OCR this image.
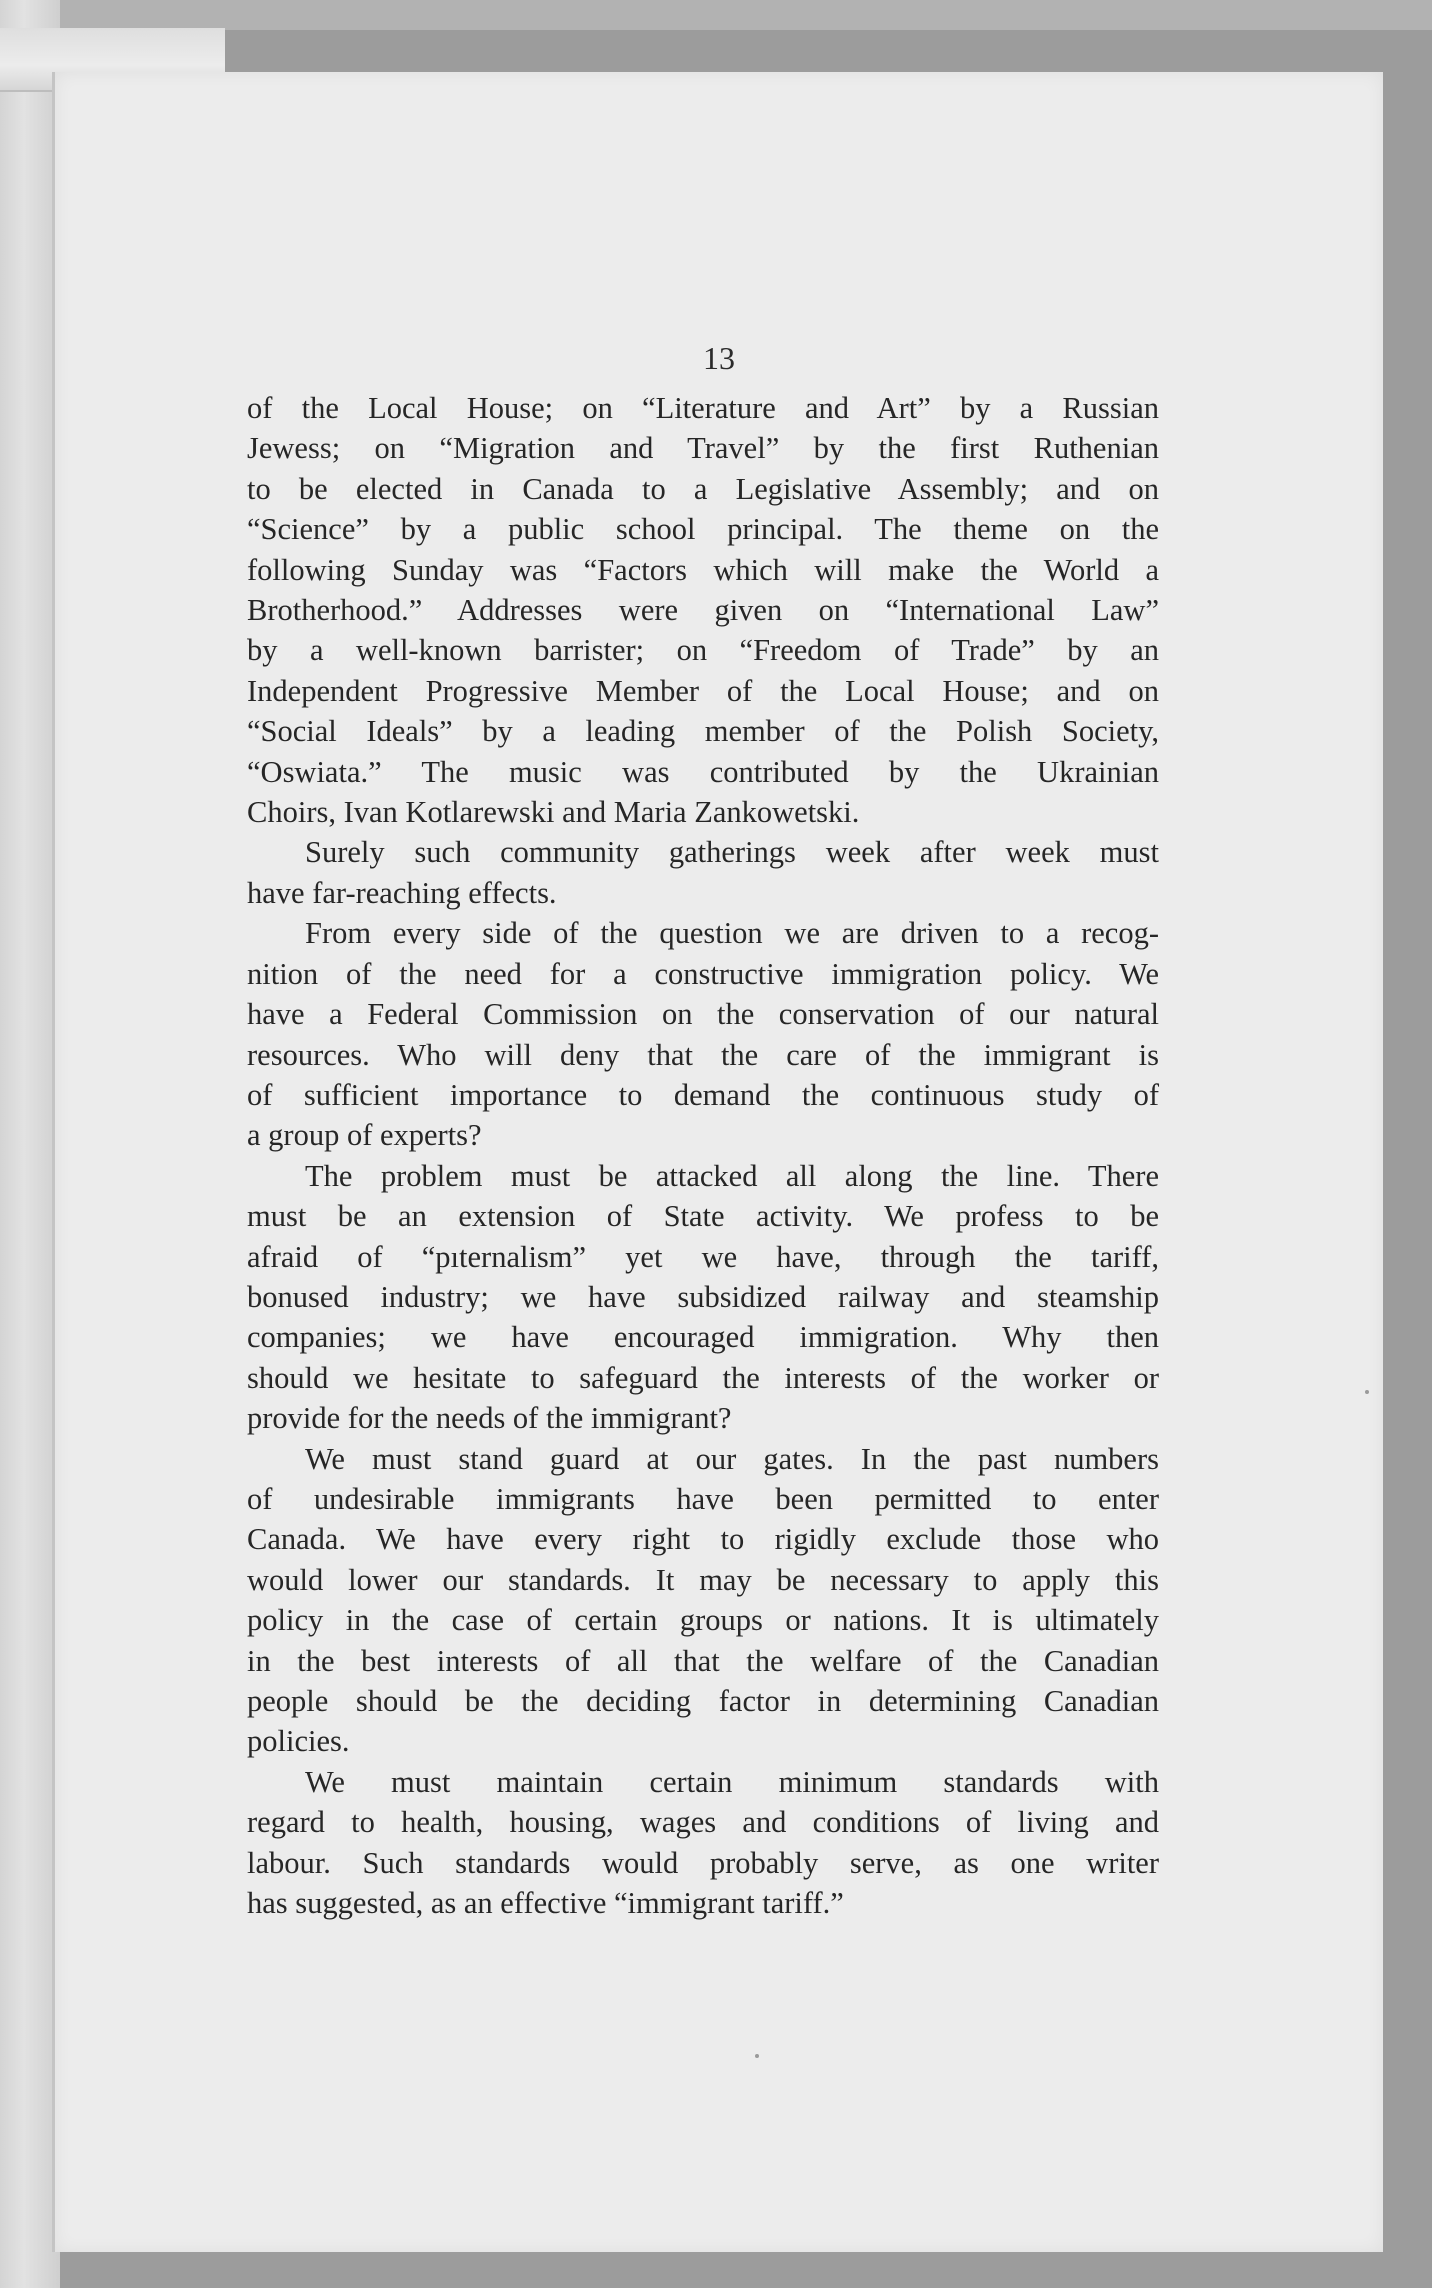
13
of the Local House; on “Literature and Art” by a Russian
Jewess; on “Migration and Travel” by the first Ruthenian
to be elected in Canada to a Legislative Assembly; and on
“Science” by a public school principal. The theme on the
following Sunday was “Factors which will make the World a
Brotherhood.” Addresses were given on “International Law”
by a well-known barrister; on “Freedom of Trade” by an
Independent Progressive Member of the Local House; and on
“Social Ideals” by a leading member of the Polish Society,
“Oswiata.” The music was contributed by the Ukrainian
Choirs, Ivan Kotlarewski and Maria Zankowetski.
Surely such community gatherings week after week must
have far-reaching effects.
From every side of the question we are driven to a recog-
nition of the need for a constructive immigration policy. We
have a Federal Commission on the conservation of our natural
resources. Who will deny that the care of the immigrant is
of sufficient importance to demand the continuous study of
a group of experts?
The problem must be attacked all along the line. There
must be an extension of State activity. We profess to be
afraid of “pıternalism” yet we have, through the tariff,
bonused industry; we have subsidized railway and steamship
companies; we have encouraged immigration. Why then
should we hesitate to safeguard the interests of the worker or
provide for the needs of the immigrant?
We must stand guard at our gates. In the past numbers
of undesirable immigrants have been permitted to enter
Canada. We have every right to rigidly exclude those who
would lower our standards. It may be necessary to apply this
policy in the case of certain groups or nations. It is ultimately
in the best interests of all that the welfare of the Canadian
people should be the deciding factor in determining Canadian
policies.
We must maintain certain minimum standards with
regard to health, housing, wages and conditions of living and
labour. Such standards would probably serve, as one writer
has suggested, as an effective “immigrant tariff.”
